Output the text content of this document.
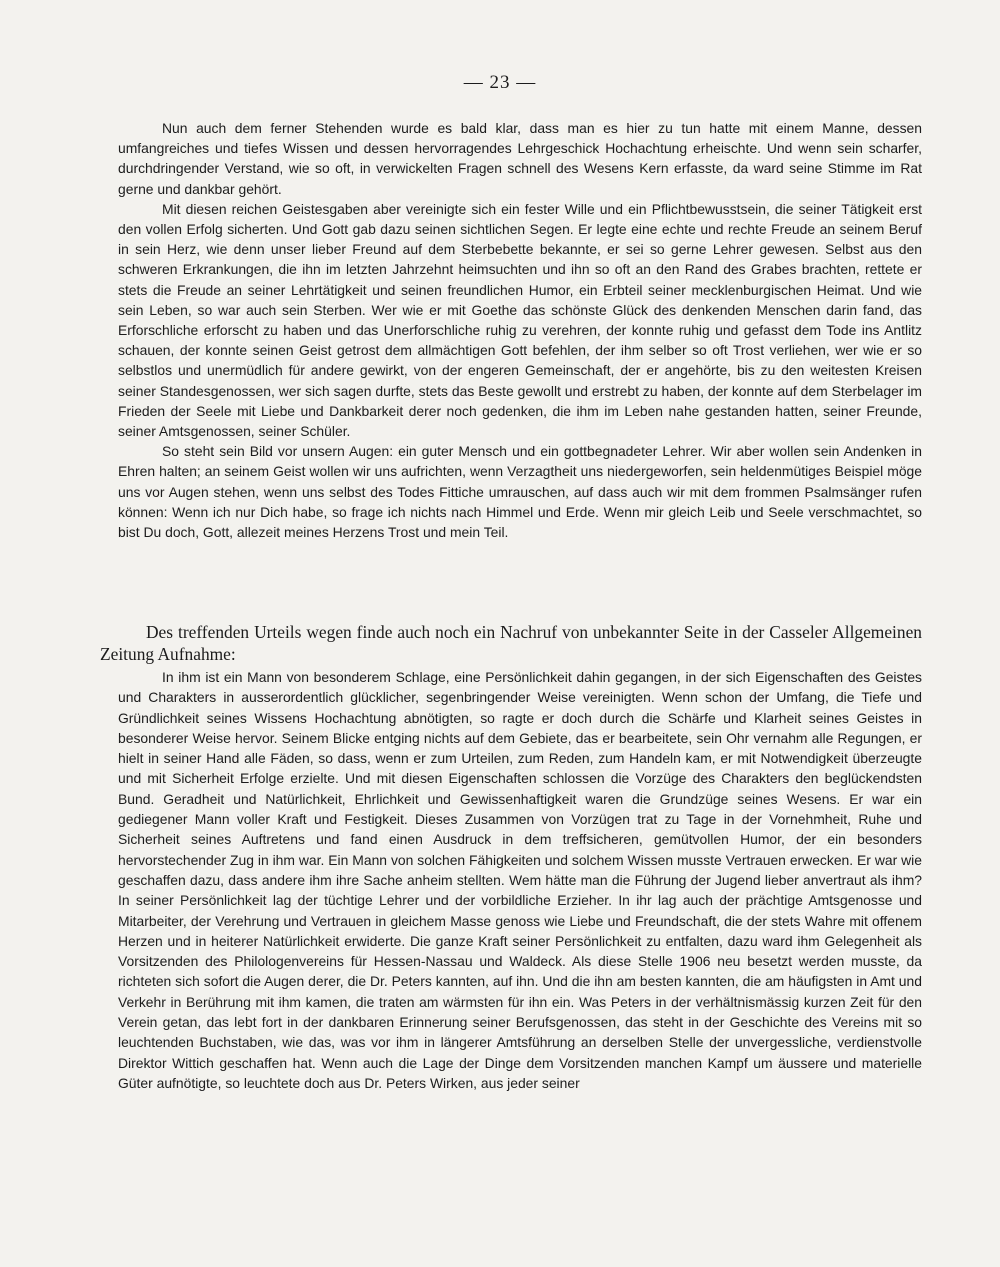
— 23 —

Nun auch dem ferner Stehenden wurde es bald klar, dass man es hier zu tun hatte mit einem Manne, dessen umfangreiches und tiefes Wissen und dessen hervorragendes Lehrgeschick Hochachtung erheischte. Und wenn sein scharfer, durchdringender Verstand, wie so oft, in verwickelten Fragen schnell des Wesens Kern erfasste, da ward seine Stimme im Rat gerne und dankbar gehört.

Mit diesen reichen Geistesgaben aber vereinigte sich ein fester Wille und ein Pflichtbewusstsein, die seiner Tätigkeit erst den vollen Erfolg sicherten. Und Gott gab dazu seinen sichtlichen Segen. Er legte eine echte und rechte Freude an seinem Beruf in sein Herz, wie denn unser lieber Freund auf dem Sterbebette bekannte, er sei so gerne Lehrer gewesen. Selbst aus den schweren Erkrankungen, die ihn im letzten Jahrzehnt heimsuchten und ihn so oft an den Rand des Grabes brachten, rettete er stets die Freude an seiner Lehrtätigkeit und seinen freundlichen Humor, ein Erbteil seiner mecklenburgischen Heimat. Und wie sein Leben, so war auch sein Sterben. Wer wie er mit Goethe das schönste Glück des denkenden Menschen darin fand, das Erforschliche erforscht zu haben und das Unerforschliche ruhig zu verehren, der konnte ruhig und gefasst dem Tode ins Antlitz schauen, der konnte seinen Geist getrost dem allmächtigen Gott befehlen, der ihm selber so oft Trost verliehen, wer wie er so selbstlos und unermüdlich für andere gewirkt, von der engeren Gemeinschaft, der er angehörte, bis zu den weitesten Kreisen seiner Standesgenossen, wer sich sagen durfte, stets das Beste gewollt und erstrebt zu haben, der konnte auf dem Sterbelager im Frieden der Seele mit Liebe und Dankbarkeit derer noch gedenken, die ihm im Leben nahe gestanden hatten, seiner Freunde, seiner Amtsgenossen, seiner Schüler.

So steht sein Bild vor unsern Augen: ein guter Mensch und ein gottbegnadeter Lehrer. Wir aber wollen sein Andenken in Ehren halten; an seinem Geist wollen wir uns aufrichten, wenn Verzagtheit uns niedergeworfen, sein heldenmütiges Beispiel möge uns vor Augen stehen, wenn uns selbst des Todes Fittiche umrauschen, auf dass auch wir mit dem frommen Psalmsänger rufen können: Wenn ich nur Dich habe, so frage ich nichts nach Himmel und Erde. Wenn mir gleich Leib und Seele verschmachtet, so bist Du doch, Gott, allezeit meines Herzens Trost und mein Teil.

Des treffenden Urteils wegen finde auch noch ein Nachruf von unbekannter Seite in der Casseler Allgemeinen Zeitung Aufnahme:

In ihm ist ein Mann von besonderem Schlage, eine Persönlichkeit dahin gegangen, in der sich Eigenschaften des Geistes und Charakters in ausserordentlich glücklicher, segenbringender Weise vereinigten. Wenn schon der Umfang, die Tiefe und Gründlichkeit seines Wissens Hochachtung abnötigten, so ragte er doch durch die Schärfe und Klarheit seines Geistes in besonderer Weise hervor. Seinem Blicke entging nichts auf dem Gebiete, das er bearbeitete, sein Ohr vernahm alle Regungen, er hielt in seiner Hand alle Fäden, so dass, wenn er zum Urteilen, zum Reden, zum Handeln kam, er mit Notwendigkeit überzeugte und mit Sicherheit Erfolge erzielte. Und mit diesen Eigenschaften schlossen die Vorzüge des Charakters den beglückendsten Bund. Geradheit und Natürlichkeit, Ehrlichkeit und Gewissenhaftigkeit waren die Grundzüge seines Wesens. Er war ein gediegener Mann voller Kraft und Festigkeit. Dieses Zusammen von Vorzügen trat zu Tage in der Vornehmheit, Ruhe und Sicherheit seines Auftretens und fand einen Ausdruck in dem treffsicheren, gemütvollen Humor, der ein besonders hervorstechender Zug in ihm war. Ein Mann von solchen Fähigkeiten und solchem Wissen musste Vertrauen erwecken. Er war wie geschaffen dazu, dass andere ihm ihre Sache anheim stellten. Wem hätte man die Führung der Jugend lieber anvertraut als ihm? In seiner Persönlichkeit lag der tüchtige Lehrer und der vorbildliche Erzieher. In ihr lag auch der prächtige Amtsgenosse und Mitarbeiter, der Verehrung und Vertrauen in gleichem Masse genoss wie Liebe und Freundschaft, die der stets Wahre mit offenem Herzen und in heiterer Natürlichkeit erwiderte. Die ganze Kraft seiner Persönlichkeit zu entfalten, dazu ward ihm Gelegenheit als Vorsitzenden des Philologenvereins für Hessen-Nassau und Waldeck. Als diese Stelle 1906 neu besetzt werden musste, da richteten sich sofort die Augen derer, die Dr. Peters kannten, auf ihn. Und die ihn am besten kannten, die am häufigsten in Amt und Verkehr in Berührung mit ihm kamen, die traten am wärmsten für ihn ein. Was Peters in der verhältnismässig kurzen Zeit für den Verein getan, das lebt fort in der dankbaren Erinnerung seiner Berufsgenossen, das steht in der Geschichte des Vereins mit so leuchtenden Buchstaben, wie das, was vor ihm in längerer Amtsführung an derselben Stelle der unvergessliche, verdienstvolle Direktor Wittich geschaffen hat. Wenn auch die Lage der Dinge dem Vorsitzenden manchen Kampf um äussere und materielle Güter aufnötigte, so leuchtete doch aus Dr. Peters Wirken, aus jeder seiner
